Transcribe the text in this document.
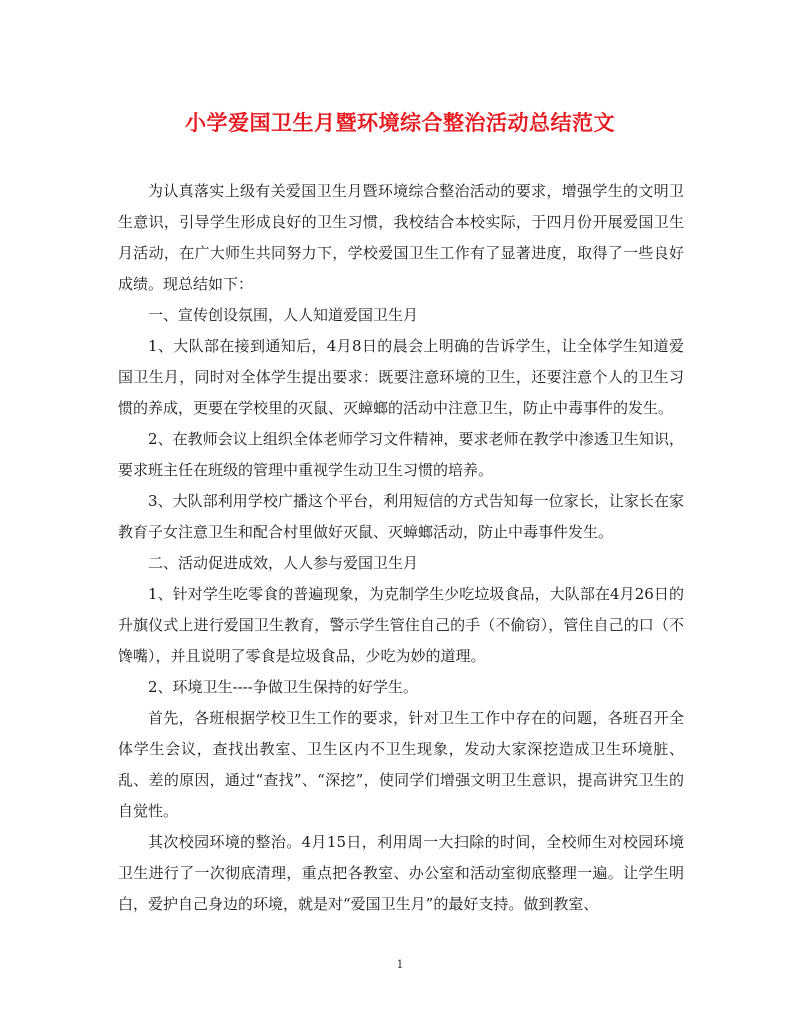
小学爱国卫生月暨环境综合整治活动总结范文

为认真落实上级有关爱国卫生月暨环境综合整治活动的要求，增强学生的文明卫生意识，引导学生形成良好的卫生习惯，我校结合本校实际，于四月份开展爱国卫生月活动，在广大师生共同努力下，学校爱国卫生工作有了显著进度，取得了一些良好成绩。现总结如下：

一、宣传创设氛围，人人知道爱国卫生月

1、大队部在接到通知后，4月8日的晨会上明确的告诉学生，让全体学生知道爱国卫生月，同时对全体学生提出要求：既要注意环境的卫生，还要注意个人的卫生习惯的养成，更要在学校里的灭鼠、灭蟑螂的活动中注意卫生，防止中毒事件的发生。

2、在教师会议上组织全体老师学习文件精神，要求老师在教学中渗透卫生知识，要求班主任在班级的管理中重视学生动卫生习惯的培养。

3、大队部利用学校广播这个平台，利用短信的方式告知每一位家长，让家长在家教育子女注意卫生和配合村里做好灭鼠、灭蟑螂活动，防止中毒事件发生。

二、活动促进成效，人人参与爱国卫生月

1、针对学生吃零食的普遍现象，为克制学生少吃垃圾食品，大队部在4月26日的升旗仪式上进行爱国卫生教育，警示学生管住自己的手（不偷窃），管住自己的口（不馋嘴），并且说明了零食是垃圾食品，少吃为妙的道理。

2、环境卫生----争做卫生保持的好学生。

首先，各班根据学校卫生工作的要求，针对卫生工作中存在的问题，各班召开全体学生会议，查找出教室、卫生区内不卫生现象，发动大家深挖造成卫生环境脏、乱、差的原因，通过“查找”、“深挖”，使同学们增强文明卫生意识，提高讲究卫生的自觉性。

其次校园环境的整治。4月15日，利用周一大扫除的时间，全校师生对校园环境卫生进行了一次彻底清理，重点把各教室、办公室和活动室彻底整理一遍。让学生明白，爱护自己身边的环境，就是对“爱国卫生月”的最好支持。做到教室、

1
